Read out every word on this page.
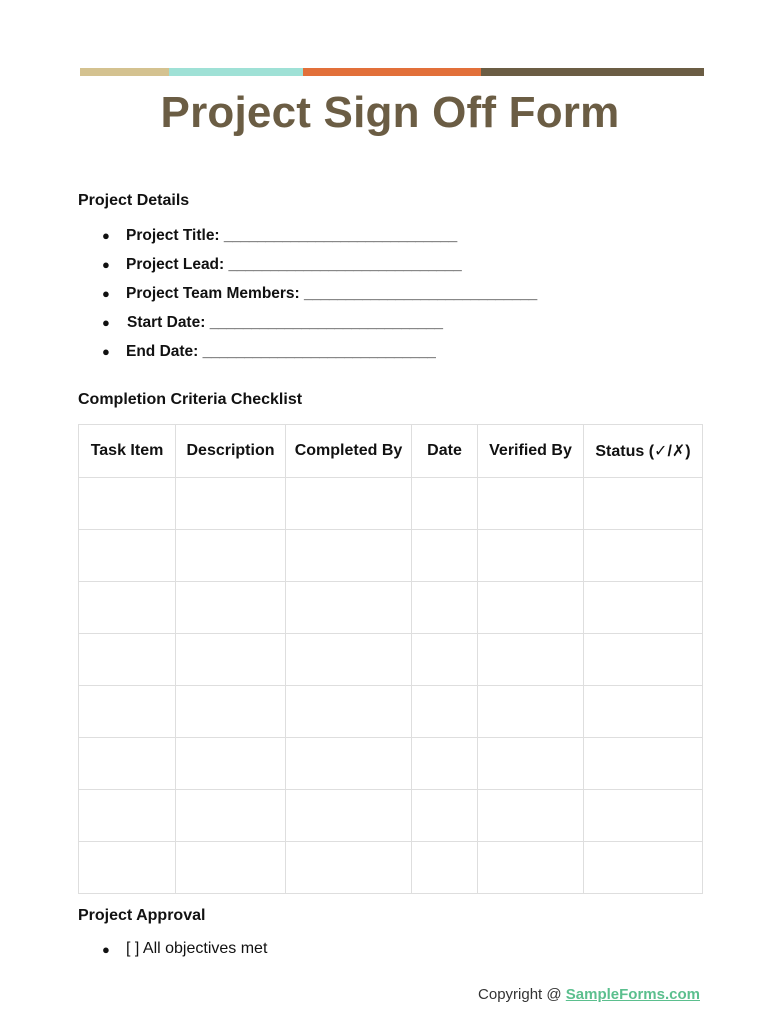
Project Sign Off Form
Project Details
●	Project Title:
____________________________
●	Project Lead:
____________________________
●	Project Team Members:
____________________________
●	Start Date:
____________________________
●	End Date:
____________________________
Completion Criteria Checklist
Task Item	Description	Completed By	Date	Verified By	Status (✓/✗)

Project Approval
●	[ ] All objectives met
Copyright @ SampleForms.com
